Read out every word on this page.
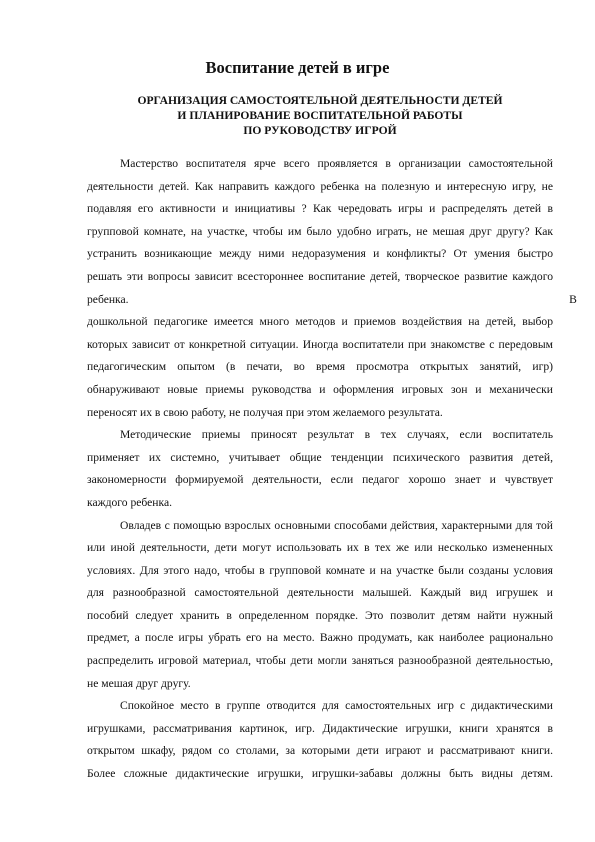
Воспитание детей в игре
ОРГАНИЗАЦИЯ САМОСТОЯТЕЛЬНОЙ ДЕЯТЕЛЬНОСТИ ДЕТЕЙ
И ПЛАНИРОВАНИЕ ВОСПИТАТЕЛЬНОЙ РАБОТЫ
ПО РУКОВОДСТВУ ИГРОЙ
Мастерство воспитателя ярче всего проявляется в организации самостоятельной
деятельности детей. Как направить каждого ребенка на полезную и интересную игру, не
подавляя его активности и инициативы ? Как чередовать игры и распределять детей в
групповой комнате, на участке, чтобы им было удобно играть, не мешая друг другу? Как
устранить возникающие между ними недоразумения и конфликты? От умения быстро
решать эти вопросы зависит всестороннее воспитание детей, творческое развитие каждого
ребенка.                                                                                                                                                        В
дошкольной педагогике имеется много методов и приемов воздействия на детей, выбор
которых зависит от конкретной ситуации. Иногда воспитатели при знакомстве с передовым
педагогическим опытом (в печати, во время просмотра открытых занятий, игр)
обнаруживают новые приемы руководства и оформления игровых зон и механически
переносят их в свою работу, не получая при этом желаемого результата.
Методические приемы приносят результат в тех случаях, если воспитатель
применяет их системно, учитывает общие тенденции психического развития детей,
закономерности формируемой деятельности, если педагог хорошо знает и чувствует
каждого ребенка.
Овладев с помощью взрослых основными способами действия, характерными для той
или иной деятельности, дети могут использовать их в тех же или несколько измененных
условиях. Для этого надо, чтобы в групповой комнате и на участке были созданы условия
для разнообразной самостоятельной деятельности малышей. Каждый вид игрушек и
пособий следует хранить в определенном порядке. Это позволит детям найти нужный
предмет, а после игры убрать его на место. Важно продумать, как наиболее рационально
распределить игровой материал, чтобы дети могли заняться разнообразной деятельностью,
не мешая друг другу.
Спокойное место в группе отводится для самостоятельных игр с дидактическими
игрушками, рассматривания картинок, игр. Дидактические игрушки, книги хранятся в
открытом шкафу, рядом со столами, за которыми дети играют и рассматривают книги.
Более сложные дидактические игрушки, игрушки-забавы должны быть видны детям.
